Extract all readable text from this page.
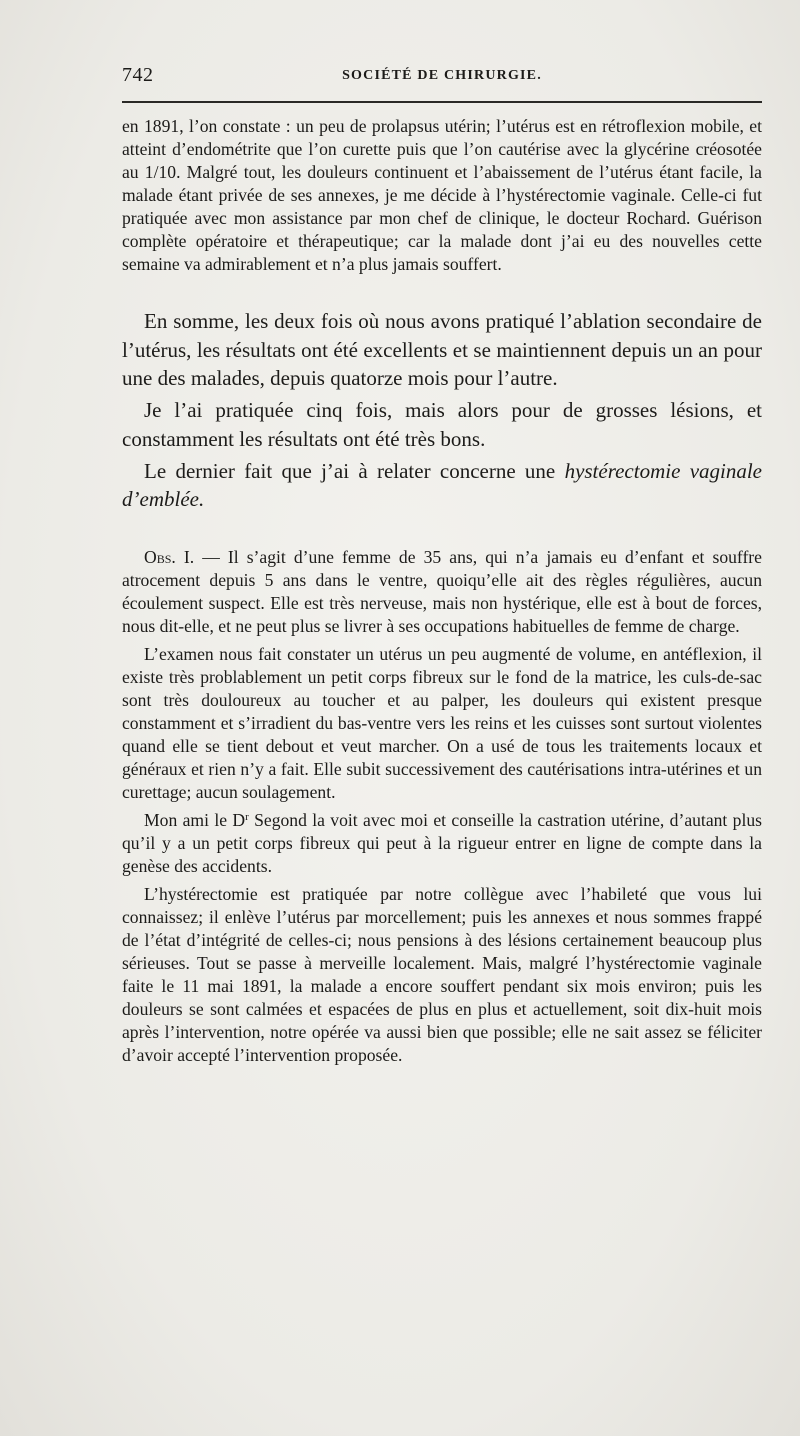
742	SOCIÉTÉ DE CHIRURGIE.

en 1891, l’on constate : un peu de prolapsus utérin; l’utérus est en rétroflexion mobile, et atteint d’endométrite que l’on curette puis que l’on cautérise avec la glycérine créosotée au 1/10. Malgré tout, les douleurs continuent et l’abaissement de l’utérus étant facile, la malade étant privée de ses annexes, je me décide à l’hystérectomie vaginale. Celle-ci fut pratiquée avec mon assistance par mon chef de clinique, le docteur Rochard. Guérison complète opératoire et thérapeutique; car la malade dont j’ai eu des nouvelles cette semaine va admirablement et n’a plus jamais souffert.

En somme, les deux fois où nous avons pratiqué l’ablation secondaire de l’utérus, les résultats ont été excellents et se maintiennent depuis un an pour une des malades, depuis quatorze mois pour l’autre.

Je l’ai pratiquée cinq fois, mais alors pour de grosses lésions, et constamment les résultats ont été très bons.

Le dernier fait que j’ai à relater concerne une hystérectomie vaginale d’emblée.

Obs. I. — Il s’agit d’une femme de 35 ans, qui n’a jamais eu d’enfant et souffre atrocement depuis 5 ans dans le ventre, quoiqu’elle ait des règles régulières, aucun écoulement suspect. Elle est très nerveuse, mais non hystérique, elle est à bout de forces, nous dit-elle, et ne peut plus se livrer à ses occupations habituelles de femme de charge.

L’examen nous fait constater un utérus un peu augmenté de volume, en antéflexion, il existe très problablement un petit corps fibreux sur le fond de la matrice, les culs-de-sac sont très douloureux au toucher et au palper, les douleurs qui existent presque constamment et s’irradient du bas-ventre vers les reins et les cuisses sont surtout violentes quand elle se tient debout et veut marcher. On a usé de tous les traitements locaux et généraux et rien n’y a fait. Elle subit successivement des cautérisations intra-utérines et un curettage; aucun soulagement.

Mon ami le $D^r$ Segond la voit avec moi et conseille la castration utérine, d’autant plus qu’il y a un petit corps fibreux qui peut à la rigueur entrer en ligne de compte dans la genèse des accidents.

L’hystérectomie est pratiquée par notre collègue avec l’habileté que vous lui connaissez; il enlève l’utérus par morcellement; puis les annexes et nous sommes frappé de l’état d’intégrité de celles-ci; nous pensions à des lésions certainement beaucoup plus sérieuses. Tout se passe à merveille localement. Mais, malgré l’hystérectomie vaginale faite le 11 mai 1891, la malade a encore souffert pendant six mois environ; puis les douleurs se sont calmées et espacées de plus en plus et actuellement, soit dix-huit mois après l’intervention, notre opérée va aussi bien que possible; elle ne sait assez se féliciter d’avoir accepté l’intervention proposée.
